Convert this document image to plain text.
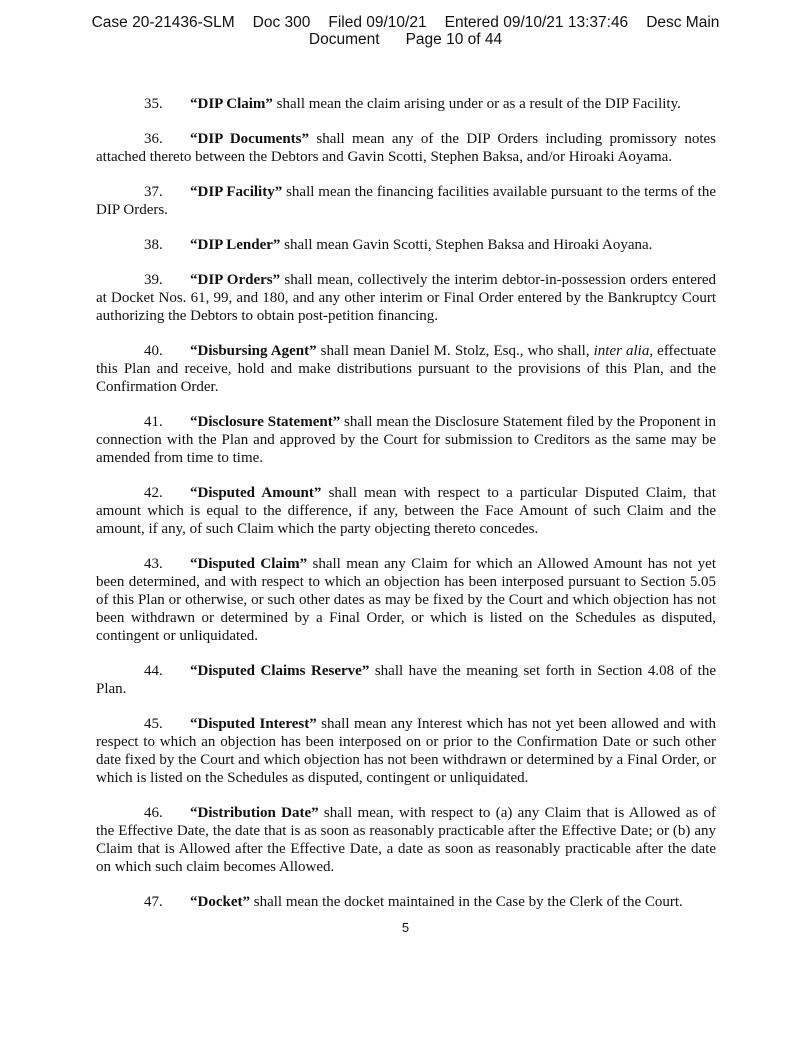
Case 20-21436-SLM Doc 300 Filed 09/10/21 Entered 09/10/21 13:37:46 Desc Main
Document Page 10 of 44

35. “DIP Claim” shall mean the claim arising under or as a result of the DIP Facility.

36. “DIP Documents” shall mean any of the DIP Orders including promissory notes attached thereto between the Debtors and Gavin Scotti, Stephen Baksa, and/or Hiroaki Aoyama.

37. “DIP Facility” shall mean the financing facilities available pursuant to the terms of the DIP Orders.

38. “DIP Lender” shall mean Gavin Scotti, Stephen Baksa and Hiroaki Aoyana.

39. “DIP Orders” shall mean, collectively the interim debtor-in-possession orders entered at Docket Nos. 61, 99, and 180, and any other interim or Final Order entered by the Bankruptcy Court authorizing the Debtors to obtain post-petition financing.

40. “Disbursing Agent” shall mean Daniel M. Stolz, Esq., who shall, inter alia, effectuate this Plan and receive, hold and make distributions pursuant to the provisions of this Plan, and the Confirmation Order.

41. “Disclosure Statement” shall mean the Disclosure Statement filed by the Proponent in connection with the Plan and approved by the Court for submission to Creditors as the same may be amended from time to time.

42. “Disputed Amount” shall mean with respect to a particular Disputed Claim, that amount which is equal to the difference, if any, between the Face Amount of such Claim and the amount, if any, of such Claim which the party objecting thereto concedes.

43. “Disputed Claim” shall mean any Claim for which an Allowed Amount has not yet been determined, and with respect to which an objection has been interposed pursuant to Section 5.05 of this Plan or otherwise, or such other dates as may be fixed by the Court and which objection has not been withdrawn or determined by a Final Order, or which is listed on the Schedules as disputed, contingent or unliquidated.

44. “Disputed Claims Reserve” shall have the meaning set forth in Section 4.08 of the Plan.

45. “Disputed Interest” shall mean any Interest which has not yet been allowed and with respect to which an objection has been interposed on or prior to the Confirmation Date or such other date fixed by the Court and which objection has not been withdrawn or determined by a Final Order, or which is listed on the Schedules as disputed, contingent or unliquidated.

46. “Distribution Date” shall mean, with respect to (a) any Claim that is Allowed as of the Effective Date, the date that is as soon as reasonably practicable after the Effective Date; or (b) any Claim that is Allowed after the Effective Date, a date as soon as reasonably practicable after the date on which such claim becomes Allowed.

47. “Docket” shall mean the docket maintained in the Case by the Clerk of the Court.

5
